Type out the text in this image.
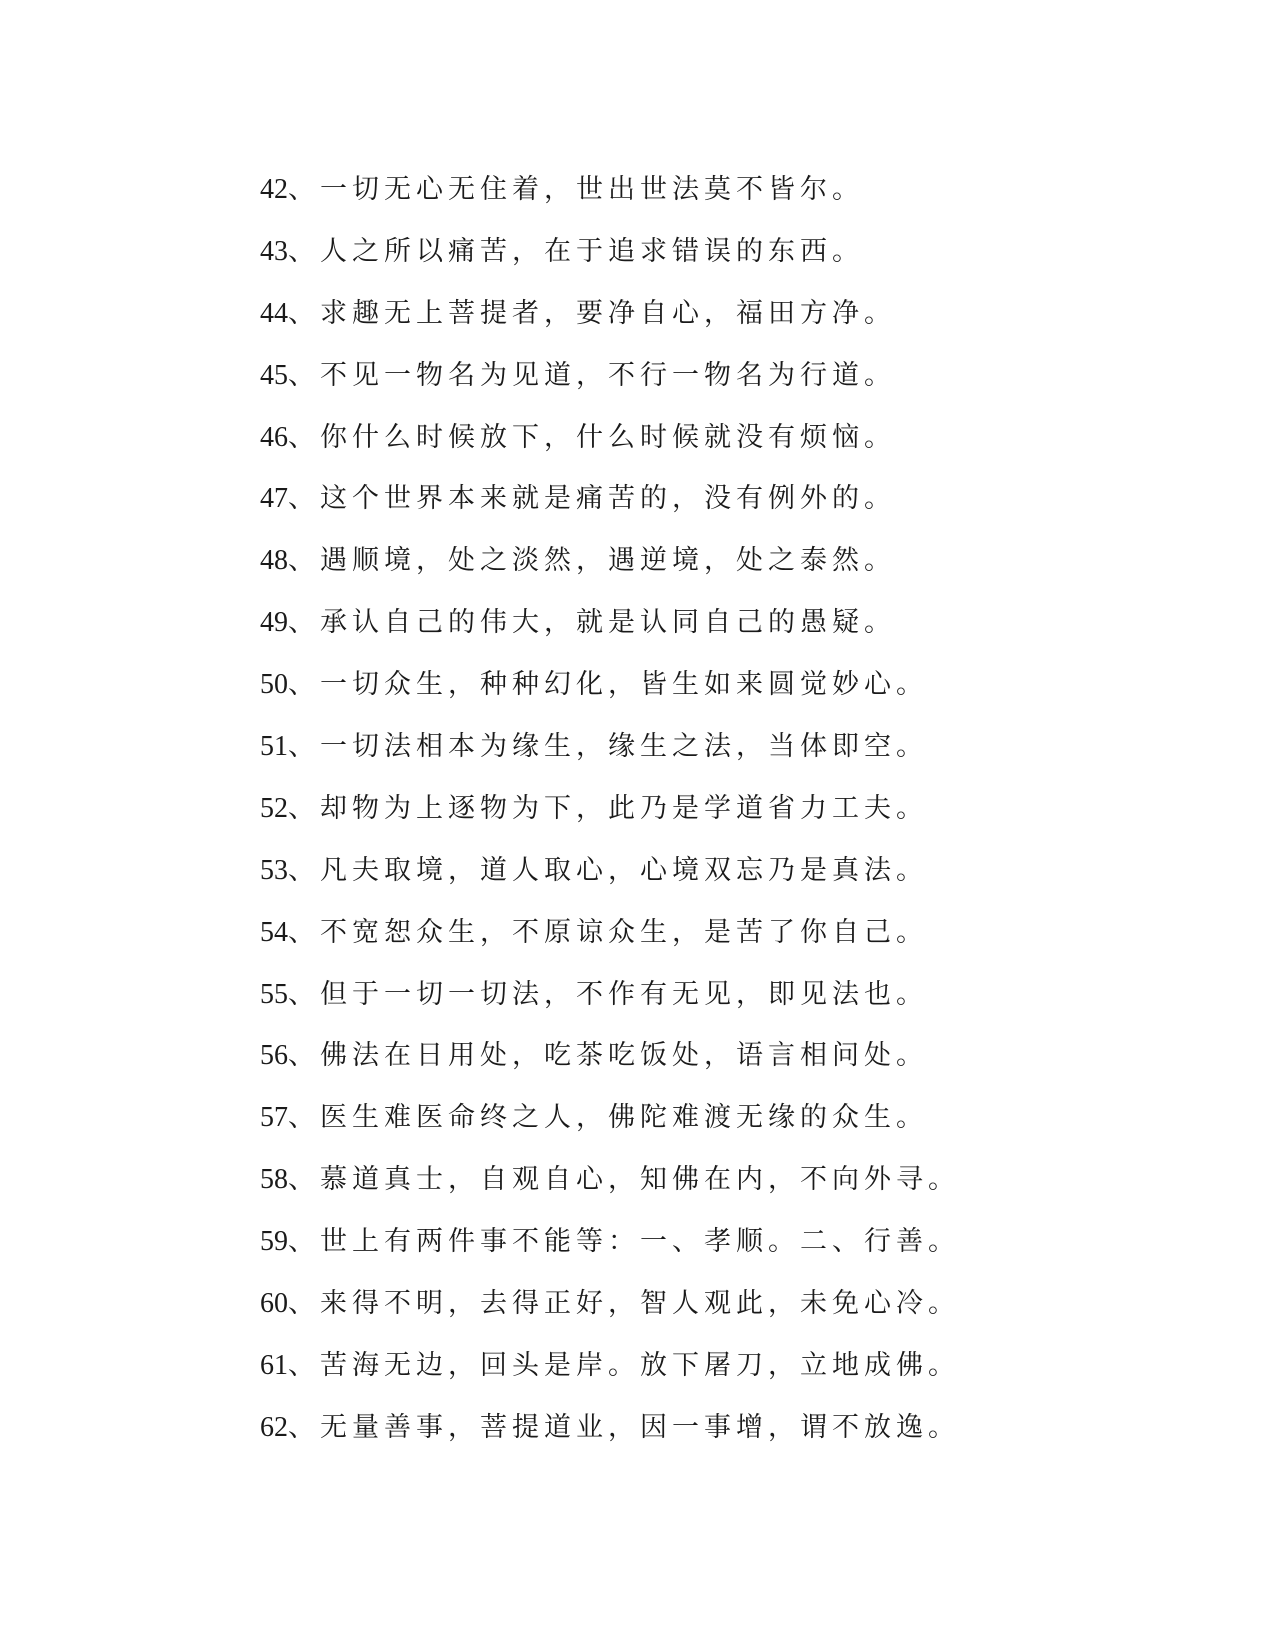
42、一切无心无住着，世出世法莫不皆尔。
43、人之所以痛苦，在于追求错误的东西。
44、求趣无上菩提者，要净自心，福田方净。
45、不见一物名为见道，不行一物名为行道。
46、你什么时候放下，什么时候就没有烦恼。
47、这个世界本来就是痛苦的，没有例外的。
48、遇顺境，处之淡然，遇逆境，处之泰然。
49、承认自己的伟大，就是认同自己的愚疑。
50、一切众生，种种幻化，皆生如来圆觉妙心。
51、一切法相本为缘生，缘生之法，当体即空。
52、却物为上逐物为下，此乃是学道省力工夫。
53、凡夫取境，道人取心，心境双忘乃是真法。
54、不宽恕众生，不原谅众生，是苦了你自己。
55、但于一切一切法，不作有无见，即见法也。
56、佛法在日用处，吃茶吃饭处，语言相问处。
57、医生难医命终之人，佛陀难渡无缘的众生。
58、慕道真士，自观自心，知佛在内，不向外寻。
59、世上有两件事不能等：一、孝顺。二、行善。
60、来得不明，去得正好，智人观此，未免心冷。
61、苦海无边，回头是岸。放下屠刀，立地成佛。
62、无量善事，菩提道业，因一事增，谓不放逸。
